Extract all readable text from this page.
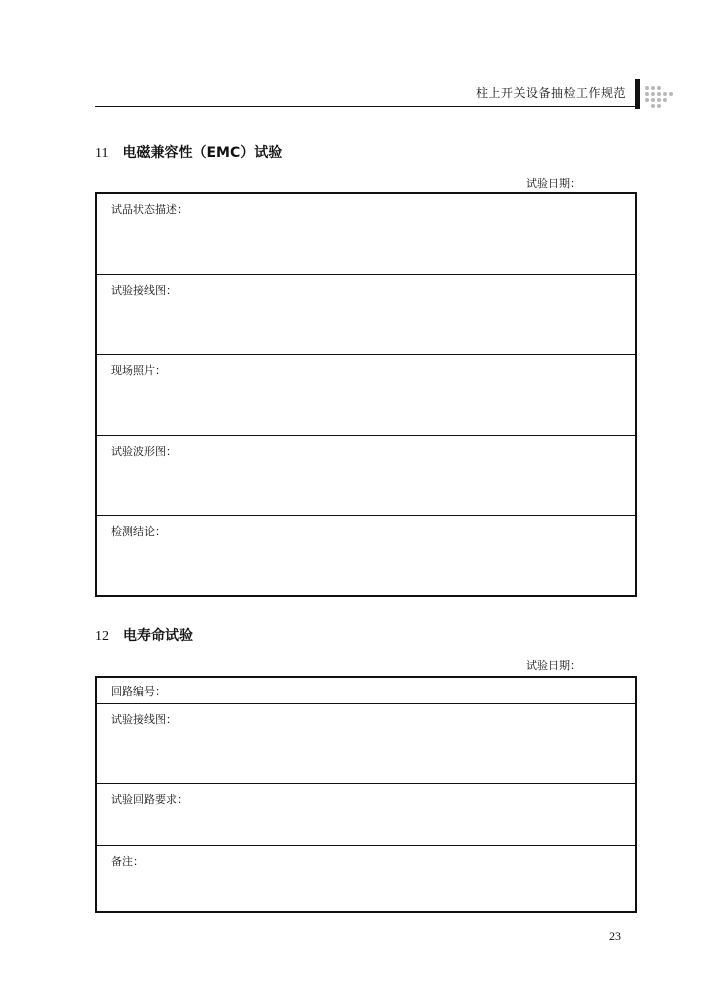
柱上开关设备抽检工作规范
11 电磁兼容性（EMC）试验
试验日期：
试品状态描述：
试验接线图：
现场照片：
试验波形图：
检测结论：
12 电寿命试验
试验日期：
回路编号：
试验接线图：
试验回路要求：
备注：
23
